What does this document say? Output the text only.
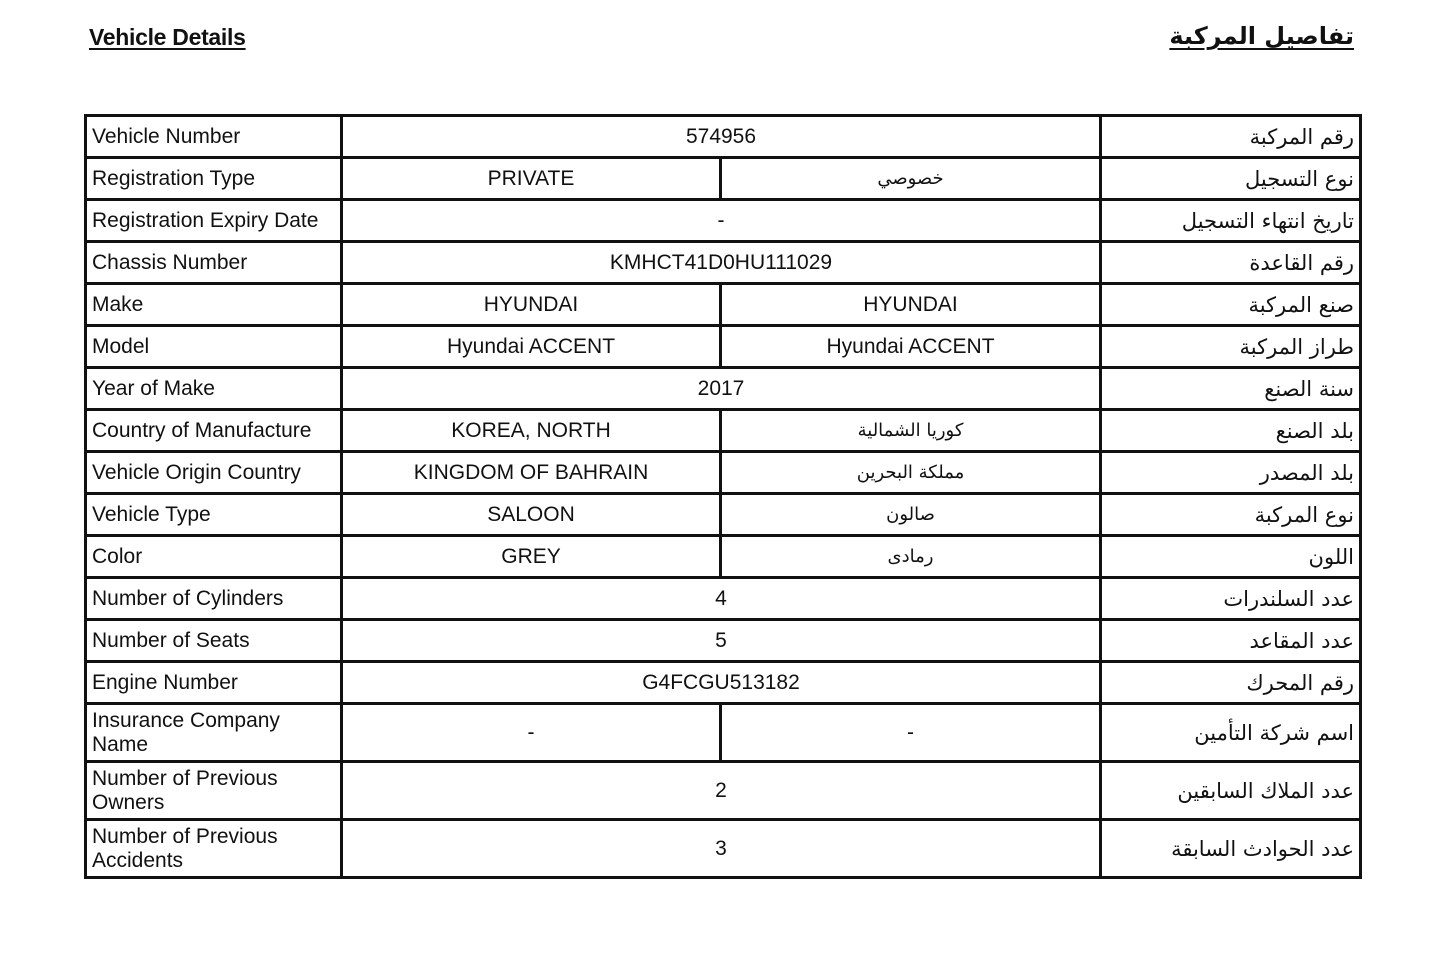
Vehicle Details	تفاصيل المركبة
Vehicle Number	574956		رقم المركبة
Registration Type	PRIVATE	خصوصي	نوع التسجيل
Registration Expiry Date	-		تاريخ انتهاء التسجيل
Chassis Number	KMHCT41D0HU111029		رقم القاعدة
Make	HYUNDAI	HYUNDAI	صنع المركبة
Model	Hyundai ACCENT	Hyundai ACCENT	طراز المركبة
Year of Make	2017		سنة الصنع
Country of Manufacture	KOREA, NORTH	كوريا الشمالية	بلد الصنع
Vehicle Origin Country	KINGDOM OF BAHRAIN	مملكة البحرين	بلد المصدر
Vehicle Type	SALOON	صالون	نوع المركبة
Color	GREY	رمادى	اللون
Number of Cylinders	4		عدد السلندرات
Number of Seats	5		عدد المقاعد
Engine Number	G4FCGU513182		رقم المحرك
Insurance Company Name	-	-	اسم شركة التأمين
Number of Previous Owners	2		عدد الملاك السابقين
Number of Previous Accidents	3		عدد الحوادث السابقة
